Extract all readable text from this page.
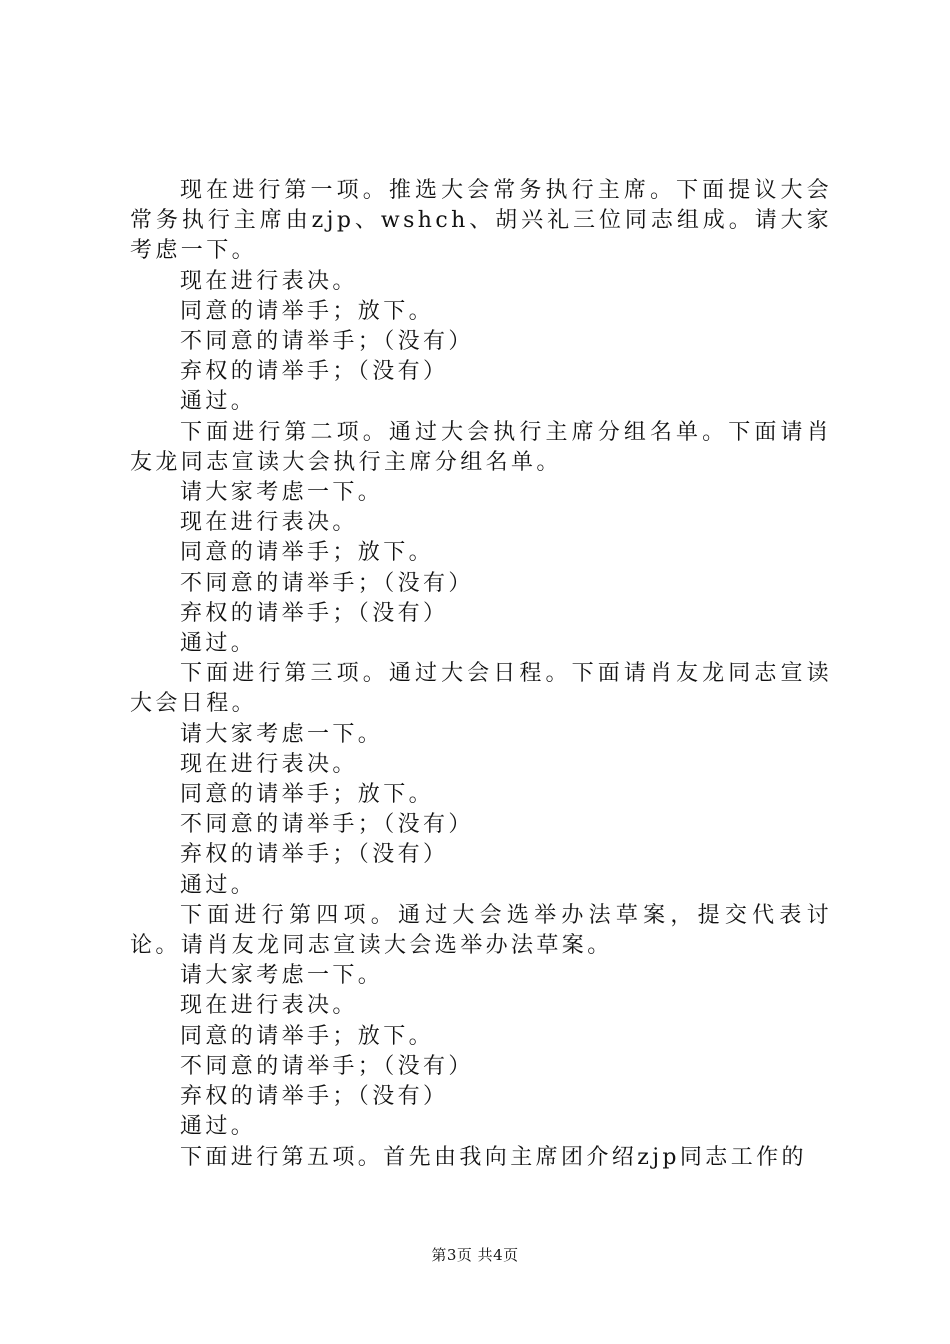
现在进行第一项。推选大会常务执行主席。下面提议大会常务执行主席由zjp、wshch、胡兴礼三位同志组成。请大家考虑一下。

现在进行表决。

同意的请举手；放下。

不同意的请举手；（没有）

弃权的请举手；（没有）

通过。

下面进行第二项。通过大会执行主席分组名单。下面请肖友龙同志宣读大会执行主席分组名单。

请大家考虑一下。

现在进行表决。

同意的请举手；放下。

不同意的请举手；（没有）

弃权的请举手；（没有）

通过。

下面进行第三项。通过大会日程。下面请肖友龙同志宣读大会日程。

请大家考虑一下。

现在进行表决。

同意的请举手；放下。

不同意的请举手；（没有）

弃权的请举手；（没有）

通过。

下面进行第四项。通过大会选举办法草案，提交代表讨论。请肖友龙同志宣读大会选举办法草案。

请大家考虑一下。

现在进行表决。

同意的请举手；放下。

不同意的请举手；（没有）

弃权的请举手；（没有）

通过。

下面进行第五项。首先由我向主席团介绍zjp同志工作的

第3页 共4页
